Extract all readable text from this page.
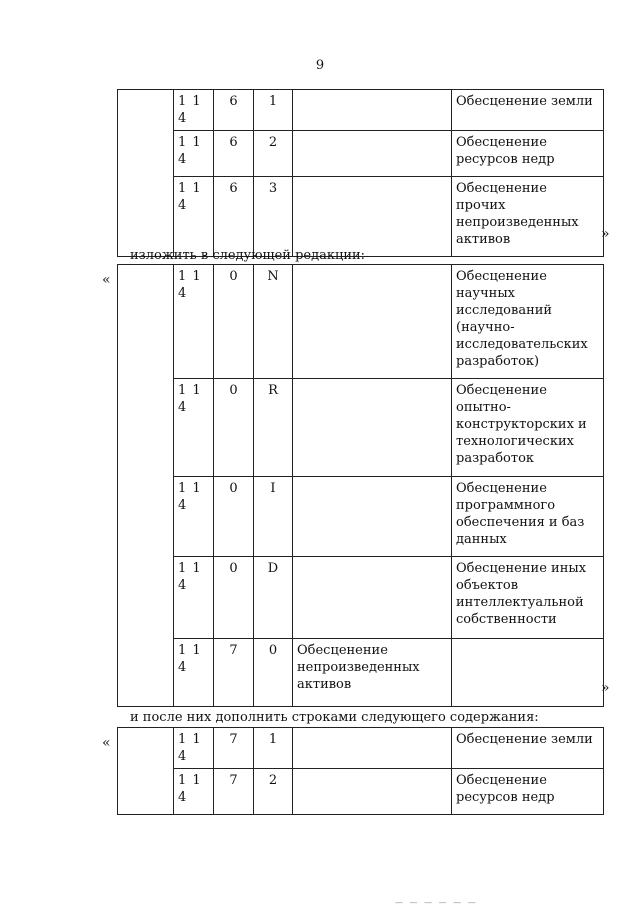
9
	1 1 4	6	1		Обесценение земли
	1 1 4	6	2		Обесценение ресурсов недр
	1 1 4	6	3		Обесценение прочих непроизведенных активов	»
изложить в следующей редакции:
«
		1 1 4	0	N		Обесценение научных исследований (научно-исследовательских разработок)
	1 1 4	0	R		Обесценение опытно-конструкторских и технологических разработок
	1 1 4	0	I		Обесценение программного обеспечения и баз данных
	1 1 4	0	D		Обесценение иных объектов интеллектуальной собственности
	1 1 4	7	0	Обесценение непроизведенных активов		»
и после них дополнить строками следующего содержания:
«
		1 1 4	7	1		Обесценение земли
	1 1 4	7	2		Обесценение ресурсов недр
— — — — — —
